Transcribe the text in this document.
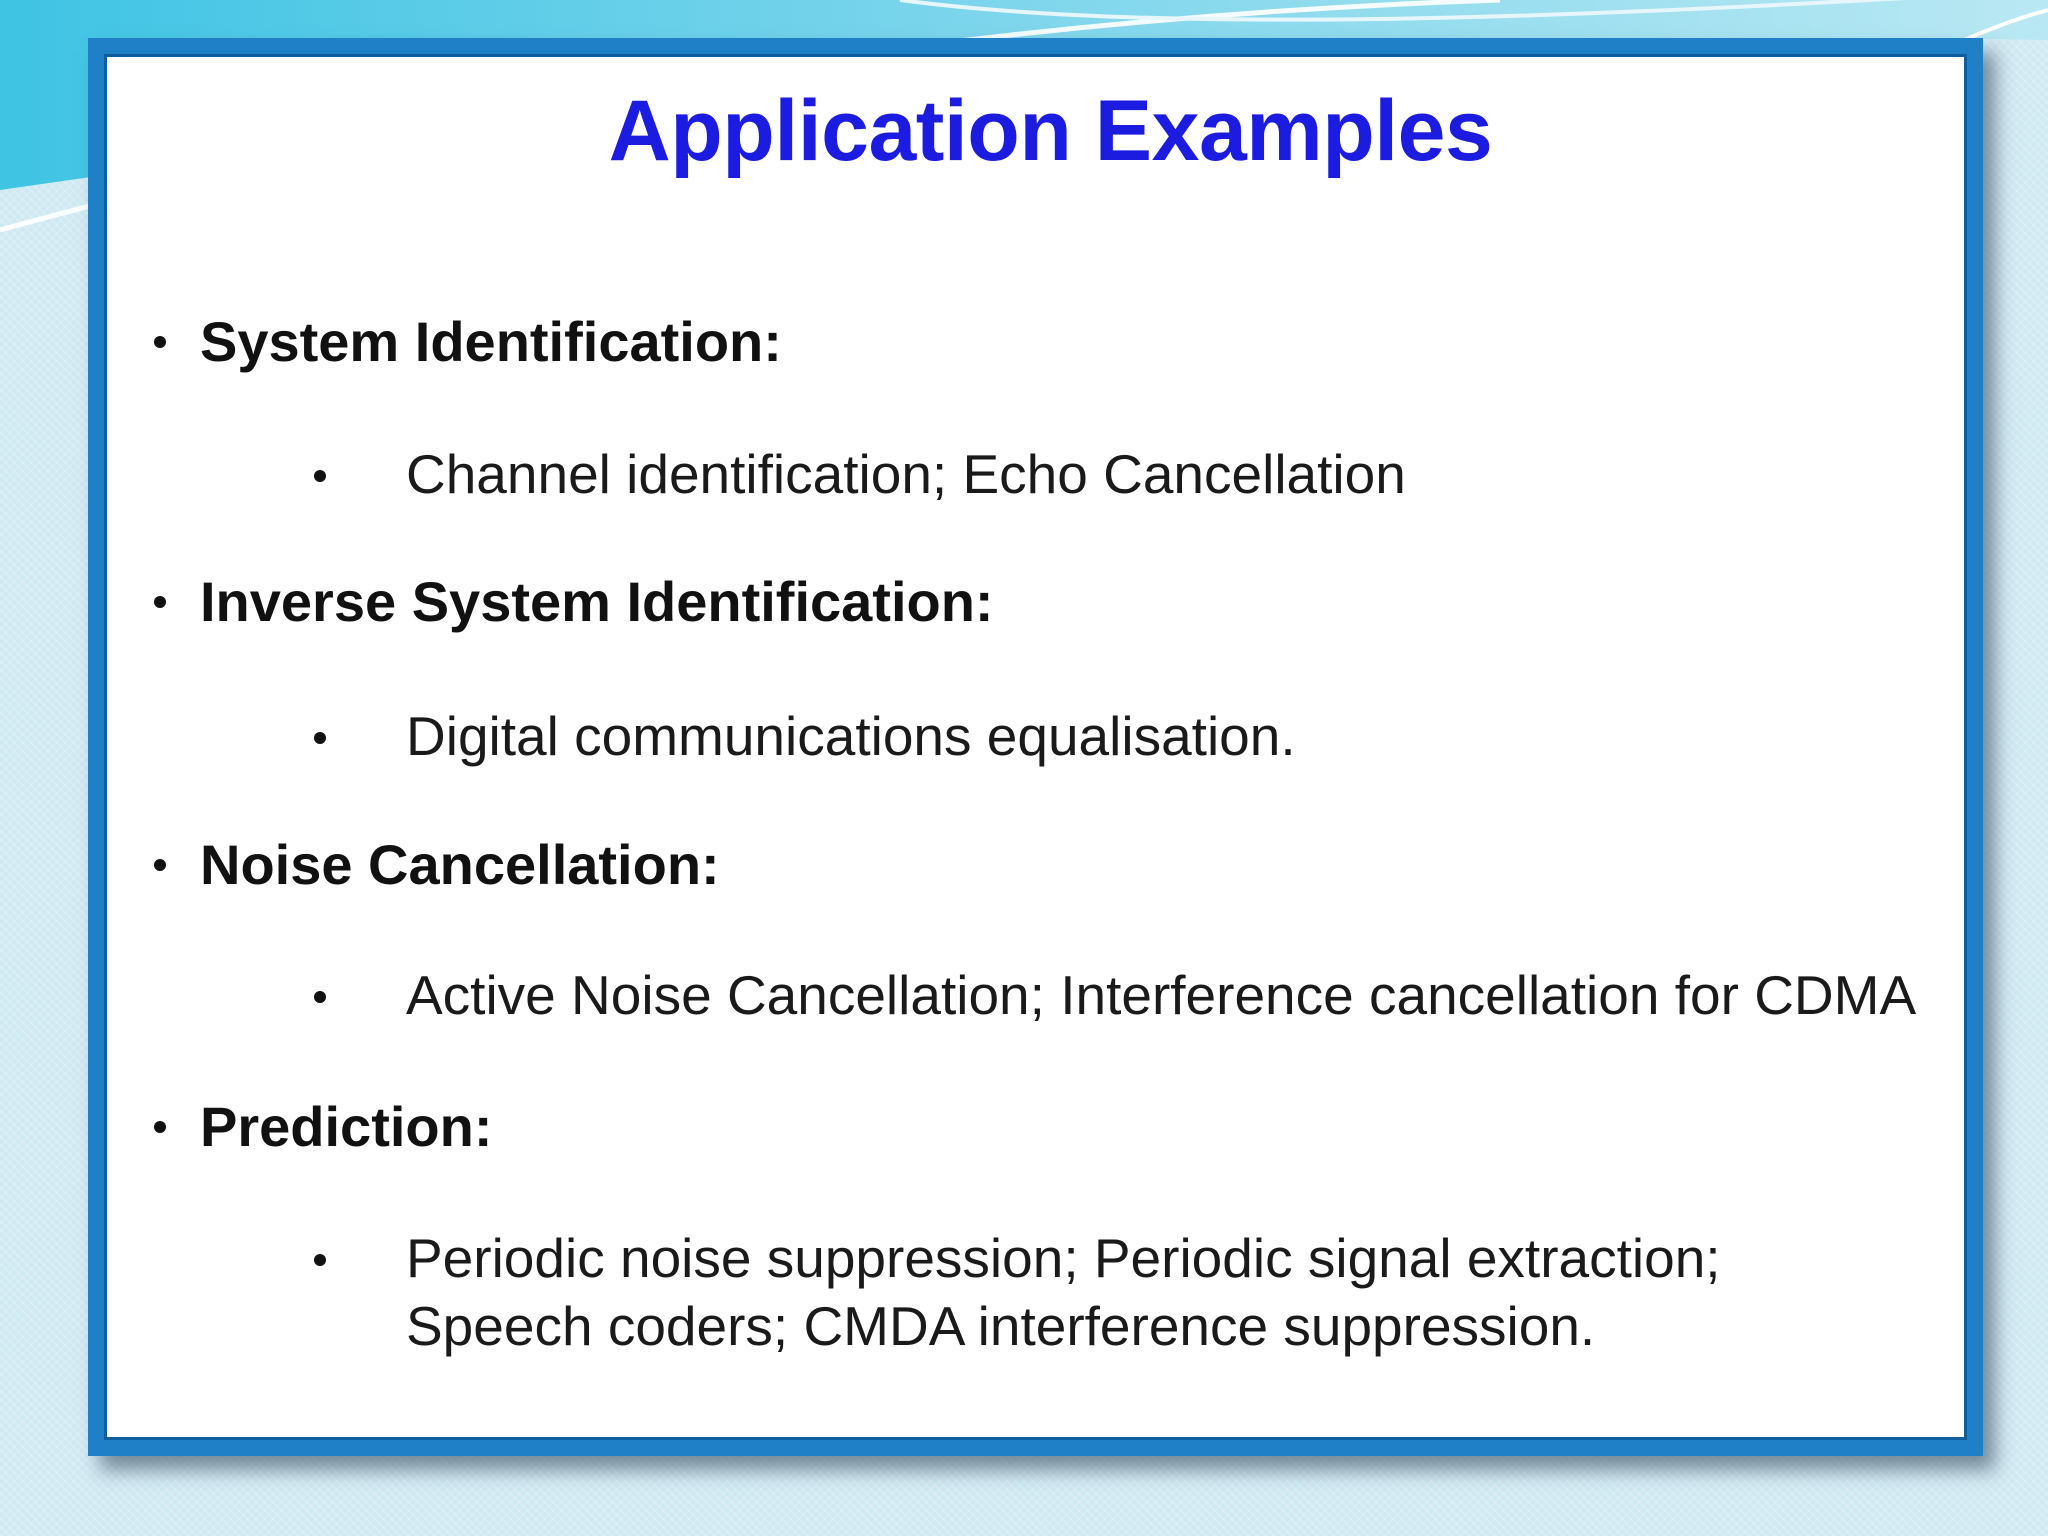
Application Examples
System Identification:
Channel identification; Echo Cancellation
Inverse System Identification:
Digital communications equalisation.
Noise Cancellation:
Active Noise Cancellation; Interference cancellation for CDMA
Prediction:
Periodic noise suppression; Periodic signal extraction;
Speech coders; CMDA interference suppression.
